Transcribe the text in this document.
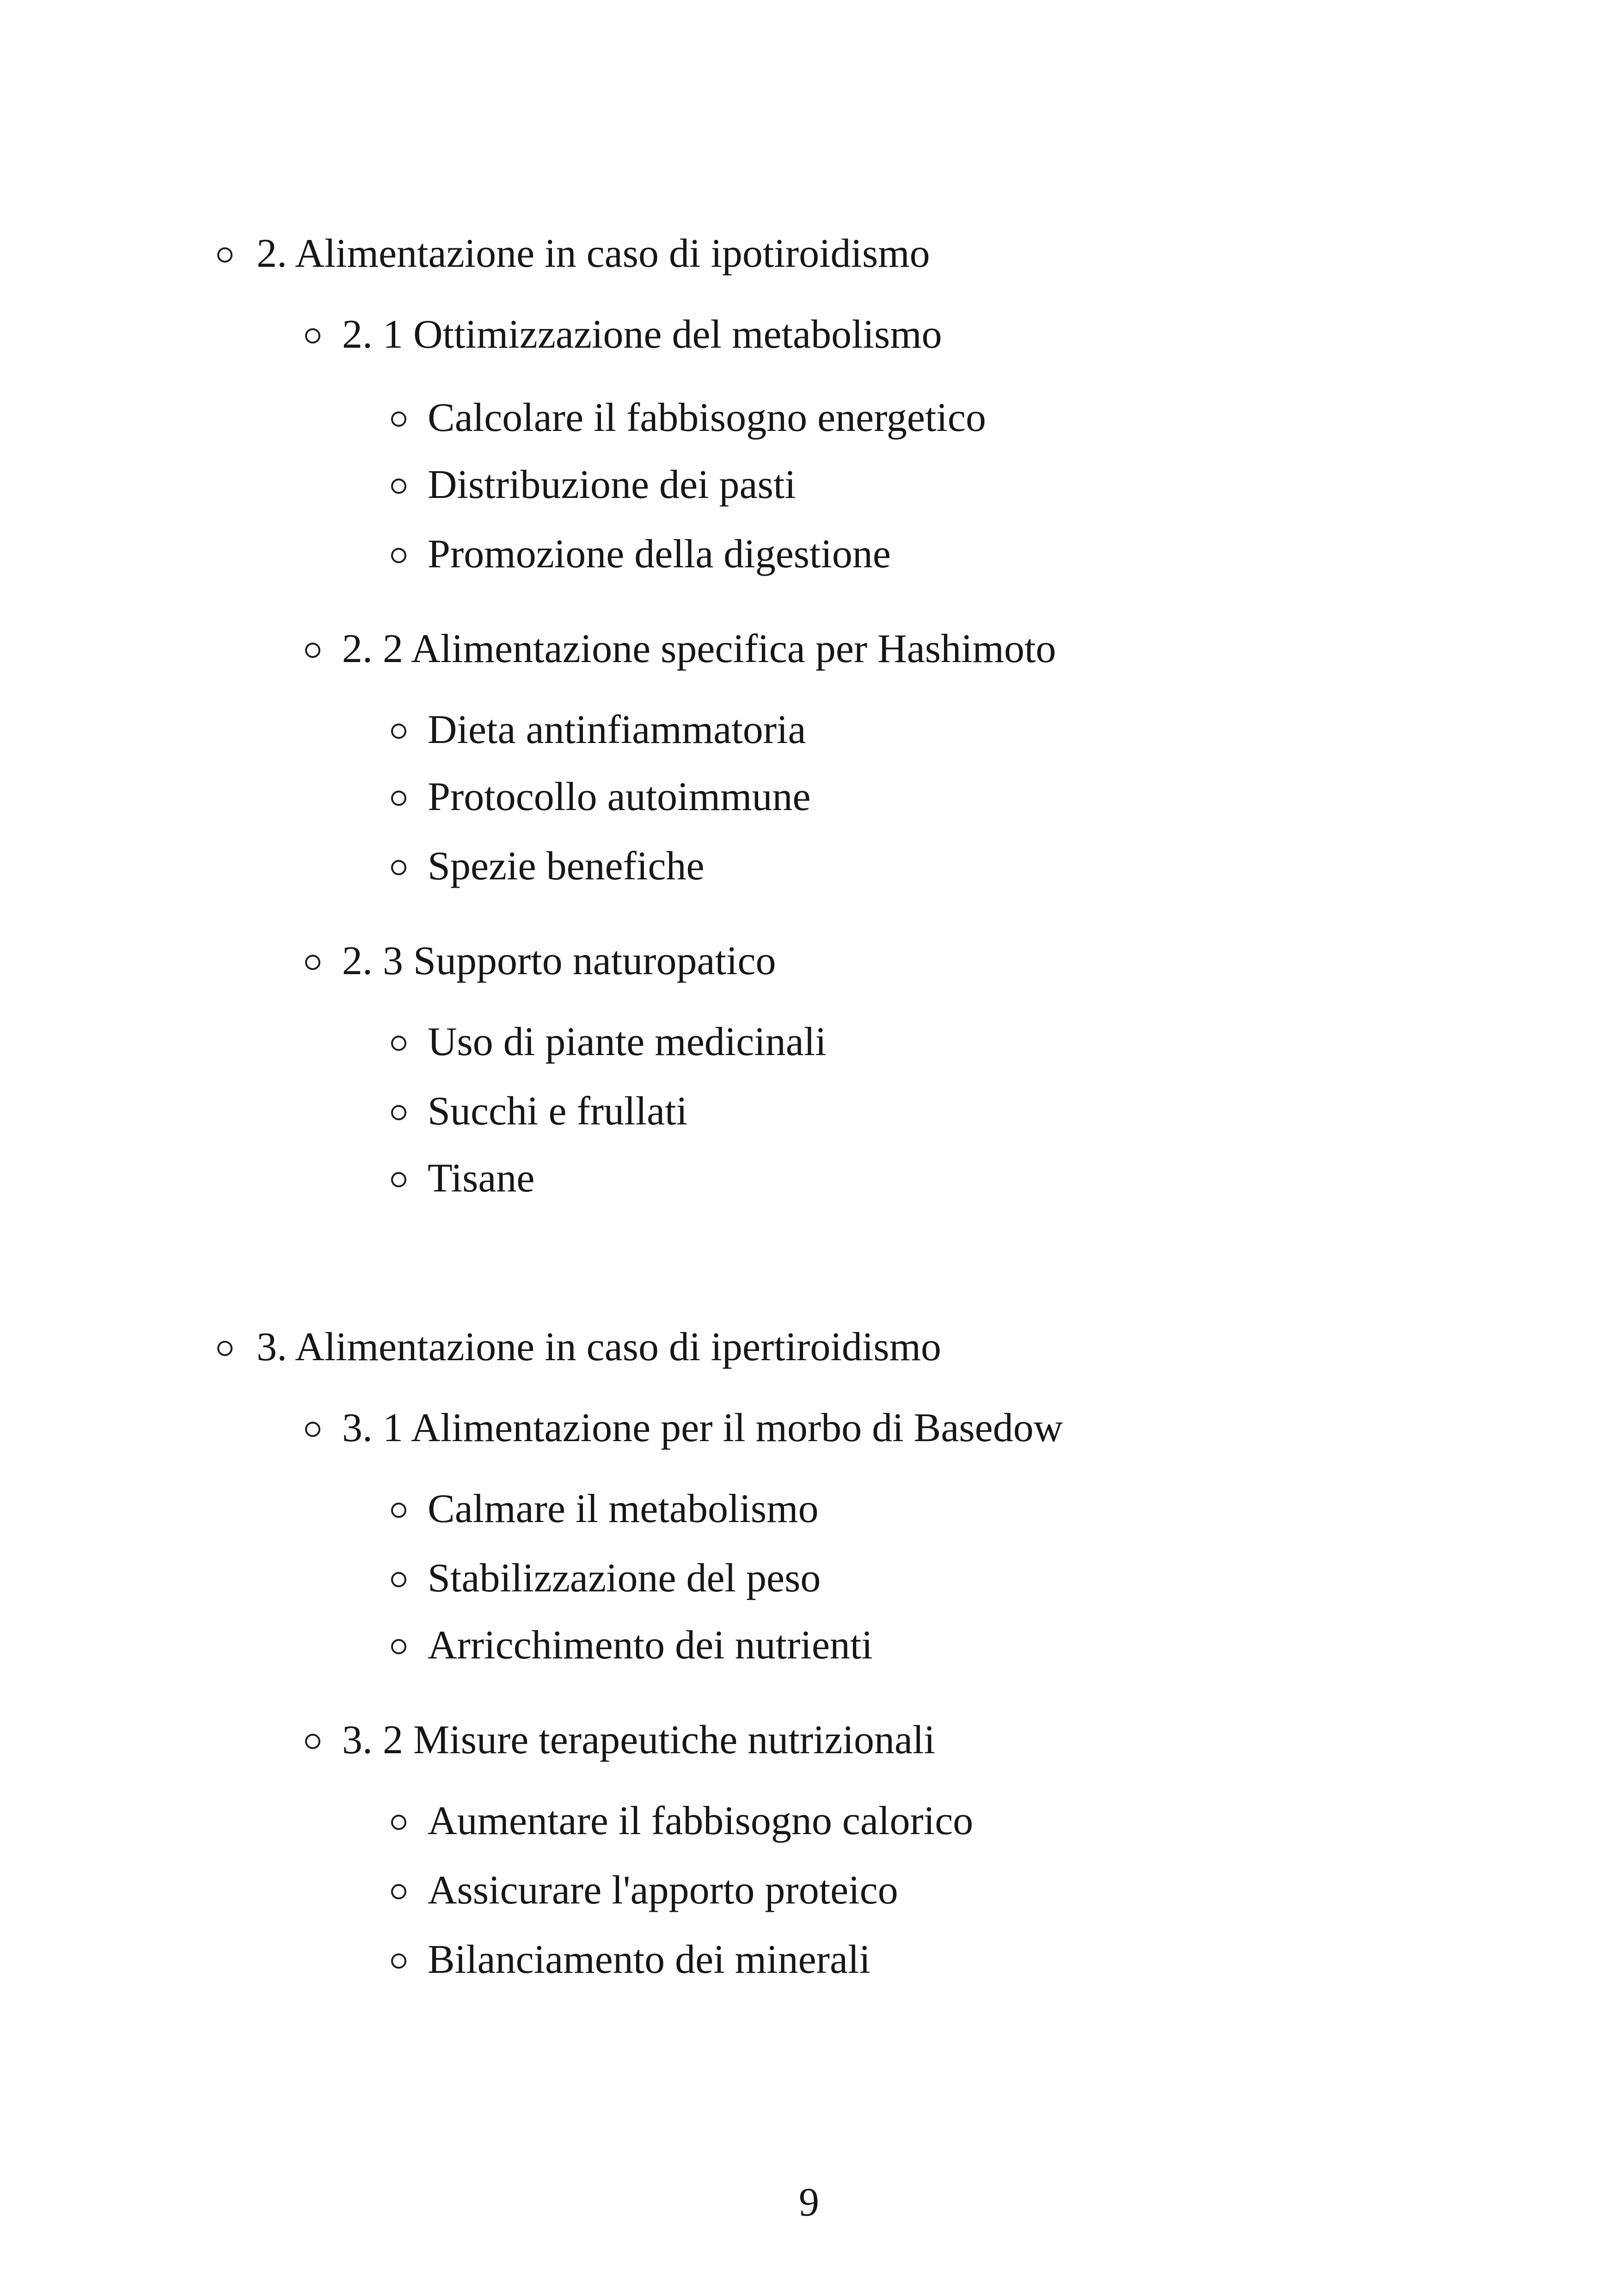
2. Alimentazione in caso di ipotiroidismo
2. 1 Ottimizzazione del metabolismo
Calcolare il fabbisogno energetico
Distribuzione dei pasti
Promozione della digestione
2. 2 Alimentazione specifica per Hashimoto
Dieta antinfiammatoria
Protocollo autoimmune
Spezie benefiche
2. 3 Supporto naturopatico
Uso di piante medicinali
Succhi e frullati
Tisane
3. Alimentazione in caso di ipertiroidismo
3. 1 Alimentazione per il morbo di Basedow
Calmare il metabolismo
Stabilizzazione del peso
Arricchimento dei nutrienti
3. 2 Misure terapeutiche nutrizionali
Aumentare il fabbisogno calorico
Assicurare l'apporto proteico
Bilanciamento dei minerali
9
